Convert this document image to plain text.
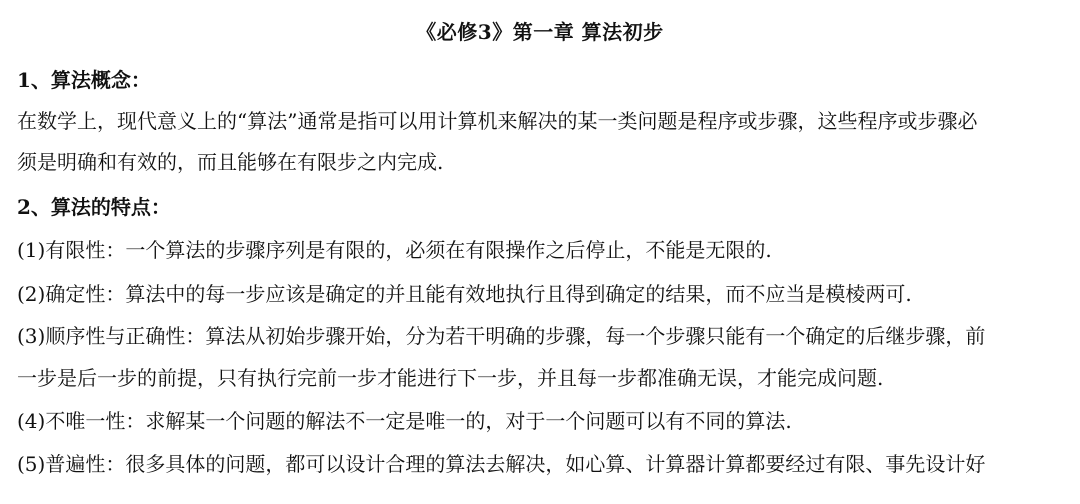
《必修3》第一章 算法初步
1、算法概念：
在数学上，现代意义上的“算法”通常是指可以用计算机来解决的某一类问题是程序或步骤，这些程序或步骤必
须是明确和有效的，而且能够在有限步之内完成.
2、算法的特点：
(1)有限性：一个算法的步骤序列是有限的，必须在有限操作之后停止，不能是无限的.
(2)确定性：算法中的每一步应该是确定的并且能有效地执行且得到确定的结果，而不应当是模棱两可.
(3)顺序性与正确性：算法从初始步骤开始，分为若干明确的步骤，每一个步骤只能有一个确定的后继步骤，前
一步是后一步的前提，只有执行完前一步才能进行下一步，并且每一步都准确无误，才能完成问题.
(4)不唯一性：求解某一个问题的解法不一定是唯一的，对于一个问题可以有不同的算法.
(5)普遍性：很多具体的问题，都可以设计合理的算法去解决，如心算、计算器计算都要经过有限、事先设计好
